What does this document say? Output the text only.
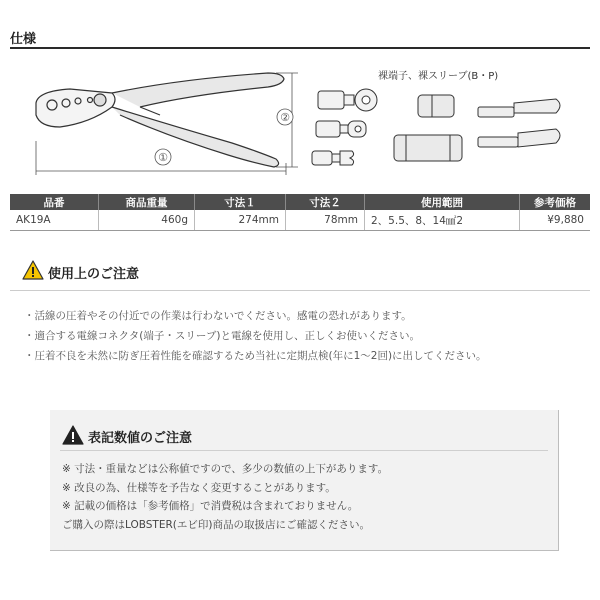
仕様
①
②
裸端子、裸スリーブ(B・P)
品番	商品重量	寸法１	寸法２	使用範囲	参考価格
AK19A	460g	274mm	78mm	2、5.5、8、14㎟2	¥9,880
使用上のご注意
・活線の圧着やその付近での作業は行わないでください。感電の恐れがあります。
・適合する電線コネクタ(端子・スリーブ)と電線を使用し、正しくお使いください。
・圧着不良を未然に防ぎ圧着性能を確認するため当社に定期点検(年に1～2回)に出してください。
表記数値のご注意
※ 寸法・重量などは公称値ですので、多少の数値の上下があります。
※ 改良の為、仕様等を予告なく変更することがあります。
※ 記載の価格は「参考価格」で消費税は含まれておりません。
ご購入の際はLOBSTER(エビ印)商品の取扱店にご確認ください。
